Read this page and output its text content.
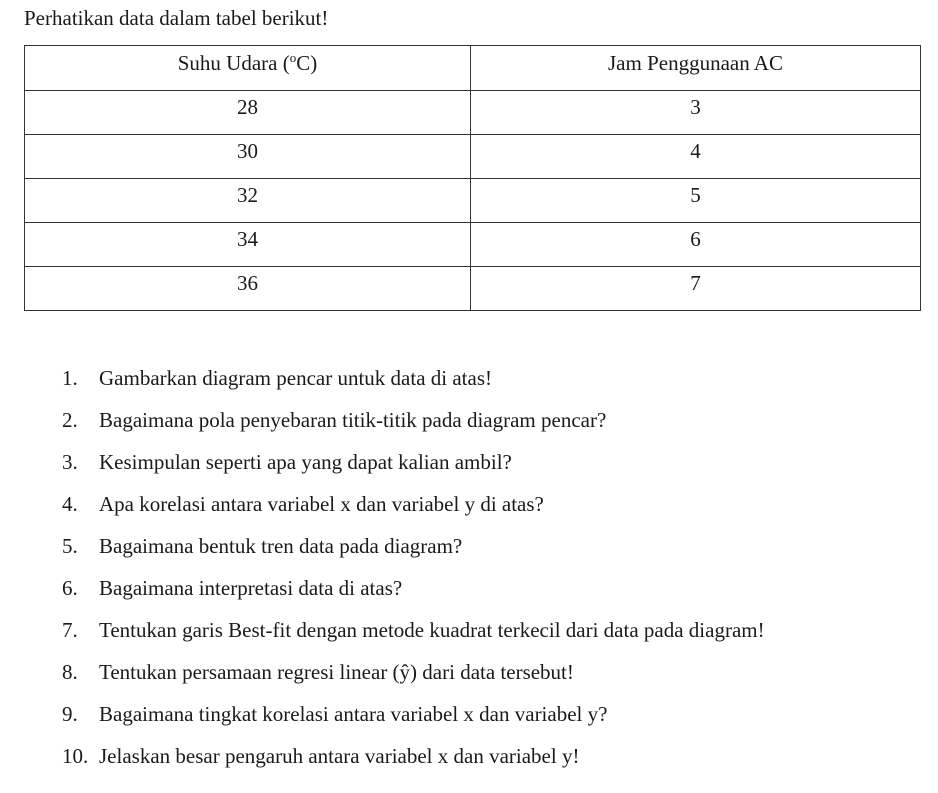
Perhatikan data dalam tabel berikut!
Suhu Udara ($^o$C)	Jam Penggunaan AC
28	3
30	4
32	5
34	6
36	7
1. Gambarkan diagram pencar untuk data di atas!
2. Bagaimana pola penyebaran titik-titik pada diagram pencar?
3. Kesimpulan seperti apa yang dapat kalian ambil?
4. Apa korelasi antara variabel x dan variabel y di atas?
5. Bagaimana bentuk tren data pada diagram?
6. Bagaimana interpretasi data di atas?
7. Tentukan garis Best-fit dengan metode kuadrat terkecil dari data pada diagram!
8. Tentukan persamaan regresi linear (ŷ) dari data tersebut!
9. Bagaimana tingkat korelasi antara variabel x dan variabel y?
10. Jelaskan besar pengaruh antara variabel x dan variabel y!
